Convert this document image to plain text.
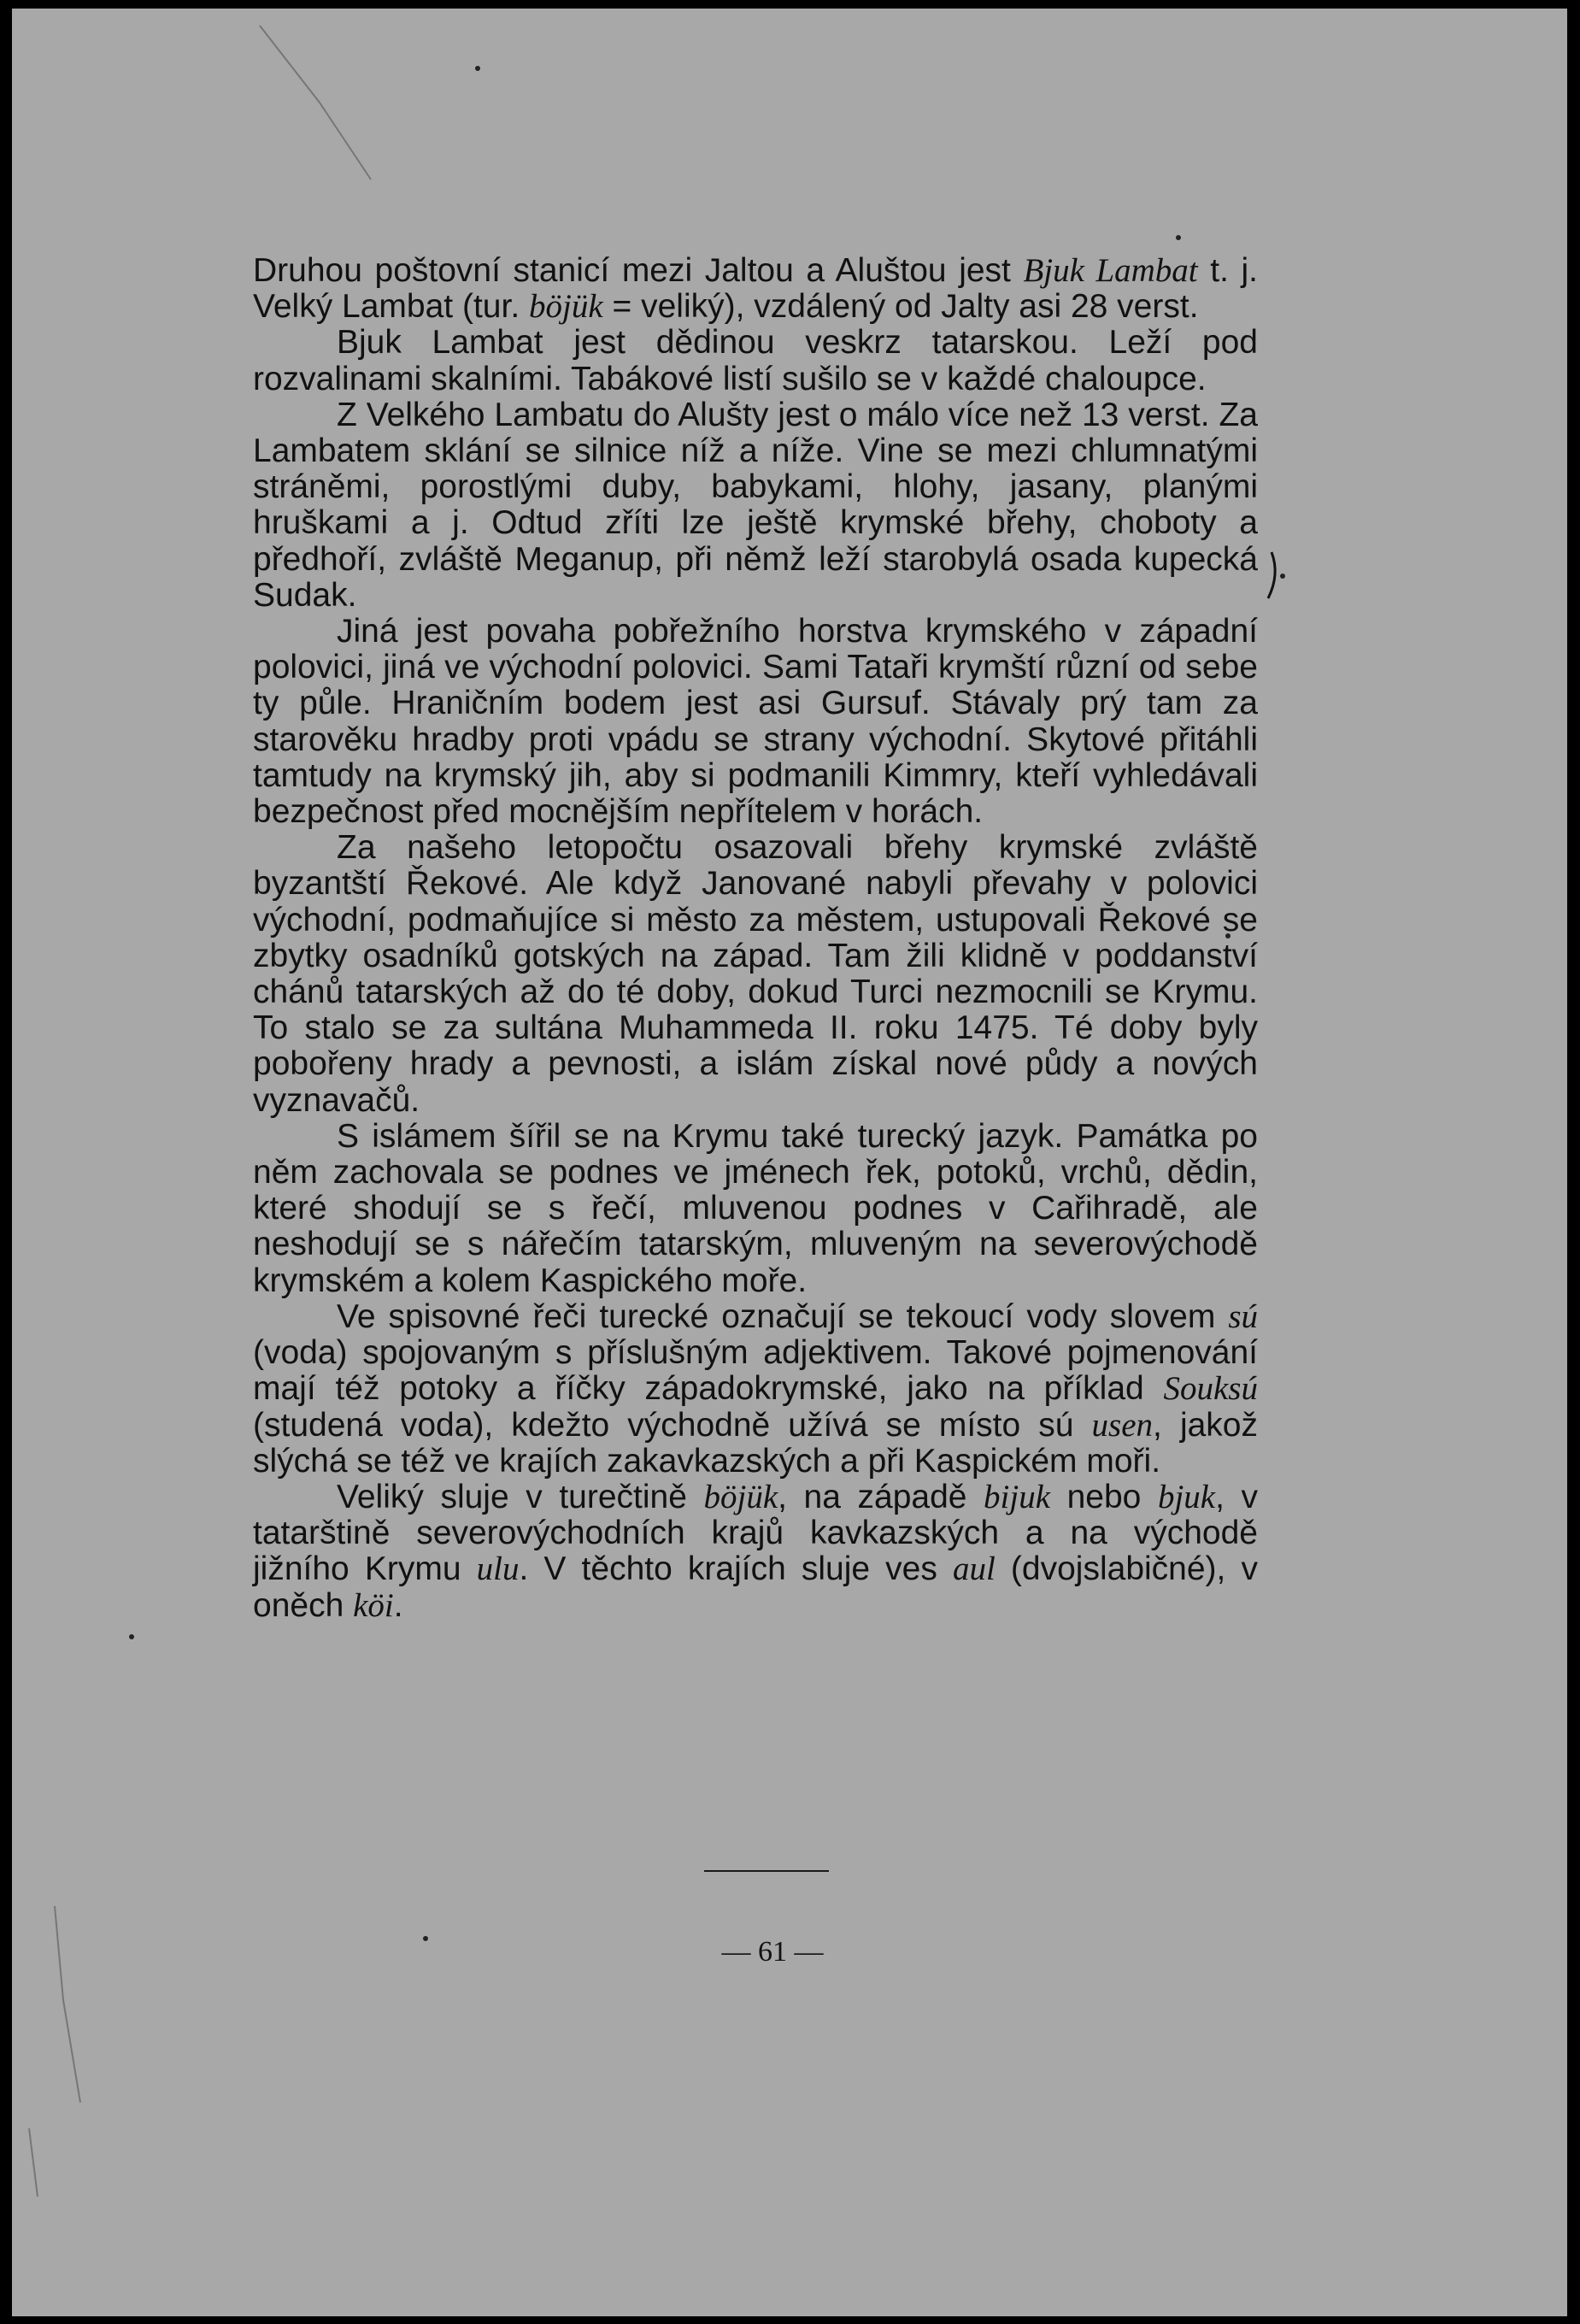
Druhou poštovní stanicí mezi Jaltou a Aluštou jest Bjuk Lambat t. j. Velký Lambat (tur. böjük = veliký), vzdálený od Jalty asi 28 verst.

Bjuk Lambat jest dědinou veskrz tatarskou. Leží pod rozvalinami skalními. Tabákové listí sušilo se v každé chaloupce.

Z Velkého Lambatu do Alušty jest o málo více než 13 verst. Za Lambatem sklání se silnice níž a níže. Vine se mezi chlumnatými stráněmi, porostlými duby, babykami, hlohy, jasany, planými hruškami a j. Odtud zříti lze ještě krymské břehy, choboty a předhoří, zvláště Meganup, při němž leží starobylá osada kupecká Sudak.

Jiná jest povaha pobřežního horstva krymského v západní polovici, jiná ve východní polovici. Sami Tataři krymští různí od sebe ty půle. Hraničním bodem jest asi Gursuf. Stávaly prý tam za starověku hradby proti vpádu se strany východní. Skytové přitáhli tamtudy na krymský jih, aby si podmanili Kimmry, kteří vyhledávali bezpečnost před mocnějším nepřítelem v horách.

Za našeho letopočtu osazovali břehy krymské zvláště byzantští Řekové. Ale když Janované nabyli převahy v polovici východní, podmaňujíce si město za městem, ustupovali Řekové se zbytky osadníků gotských na západ. Tam žili klidně v poddanství chánů tatarských až do té doby, dokud Turci nezmocnili se Krymu. To stalo se za sultána Muhammeda II. roku 1475. Té doby byly pobořeny hrady a pevnosti, a islám získal nové půdy a nových vyznavačů.

S islámem šířil se na Krymu také turecký jazyk. Památka po něm zachovala se podnes ve jménech řek, potoků, vrchů, dědin, které shodují se s řečí, mluvenou podnes v Cařihradě, ale neshodují se s nářečím tatarským, mluveným na severovýchodě krymském a kolem Kaspického moře.

Ve spisovné řeči turecké označují se tekoucí vody slovem sú (voda) spojovaným s příslušným adjektivem. Takové pojmenování mají též potoky a říčky západokrymské, jako na příklad Souksú (studená voda), kdežto východně užívá se místo sú usen, jakož slýchá se též ve krajích zakavkazských a při Kaspickém moři.

Veliký sluje v turečtině böjük, na západě bijuk nebo bjuk, v tatarštině severovýchodních krajů kavkazských a na východě jižního Krymu ulu. V těchto krajích sluje ves aul (dvojslabičné), v oněch köi.

— 61 —
